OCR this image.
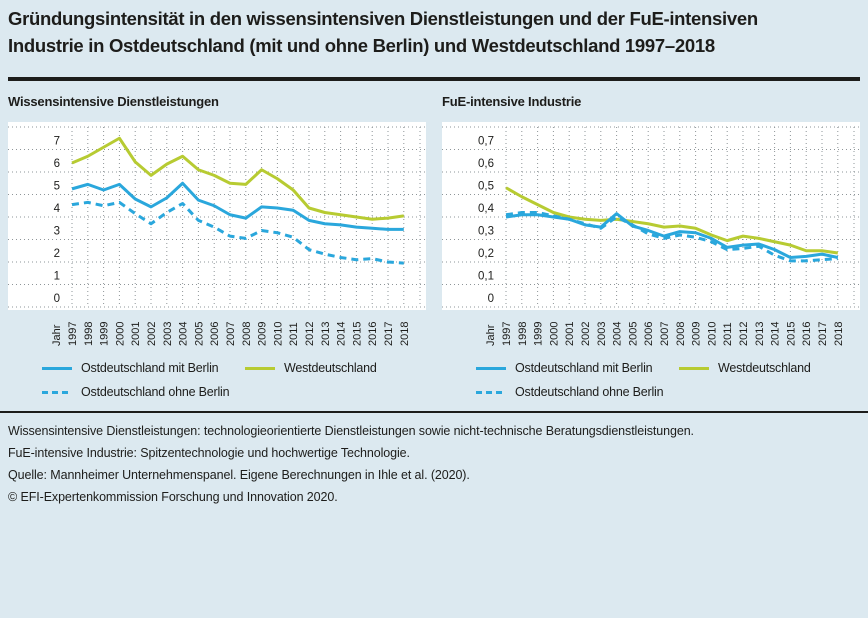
Gründungsintensität in den wissensintensiven Dienstleistungen und der FuE-intensiven
Industrie in Ostdeutschland (mit und ohne Berlin) und Westdeutschland 1997–2018
Wissensintensive Dienstleistungen	FuE-intensive Industrie
0
1
2
3
4
5
6
7
Jahr 1997 1998 1999 2000 2001 2002 2003 2004 2005 2006 2007 2008 2009 2010 2011 2012 2013 2014 2015 2016 2017 2018
0
0,1
0,2
0,3
0,4
0,5
0,6
0,7
Jahr 1997 1998 1999 2000 2001 2002 2003 2004 2005 2006 2007 2008 2009 2010 2011 2012 2013 2014 2015 2016 2017 2018
Ostdeutschland mit Berlin	Westdeutschland
Ostdeutschland ohne Berlin
Ostdeutschland mit Berlin	Westdeutschland
Ostdeutschland ohne Berlin
Wissensintensive Dienstleistungen: technologieorientierte Dienstleistungen sowie nicht-technische Beratungsdienstleistungen.
FuE-intensive Industrie: Spitzentechnologie und hochwertige Technologie.
Quelle: Mannheimer Unternehmenspanel. Eigene Berechnungen in Ihle et al. (2020).
© EFI-Expertenkommission Forschung und Innovation 2020.
